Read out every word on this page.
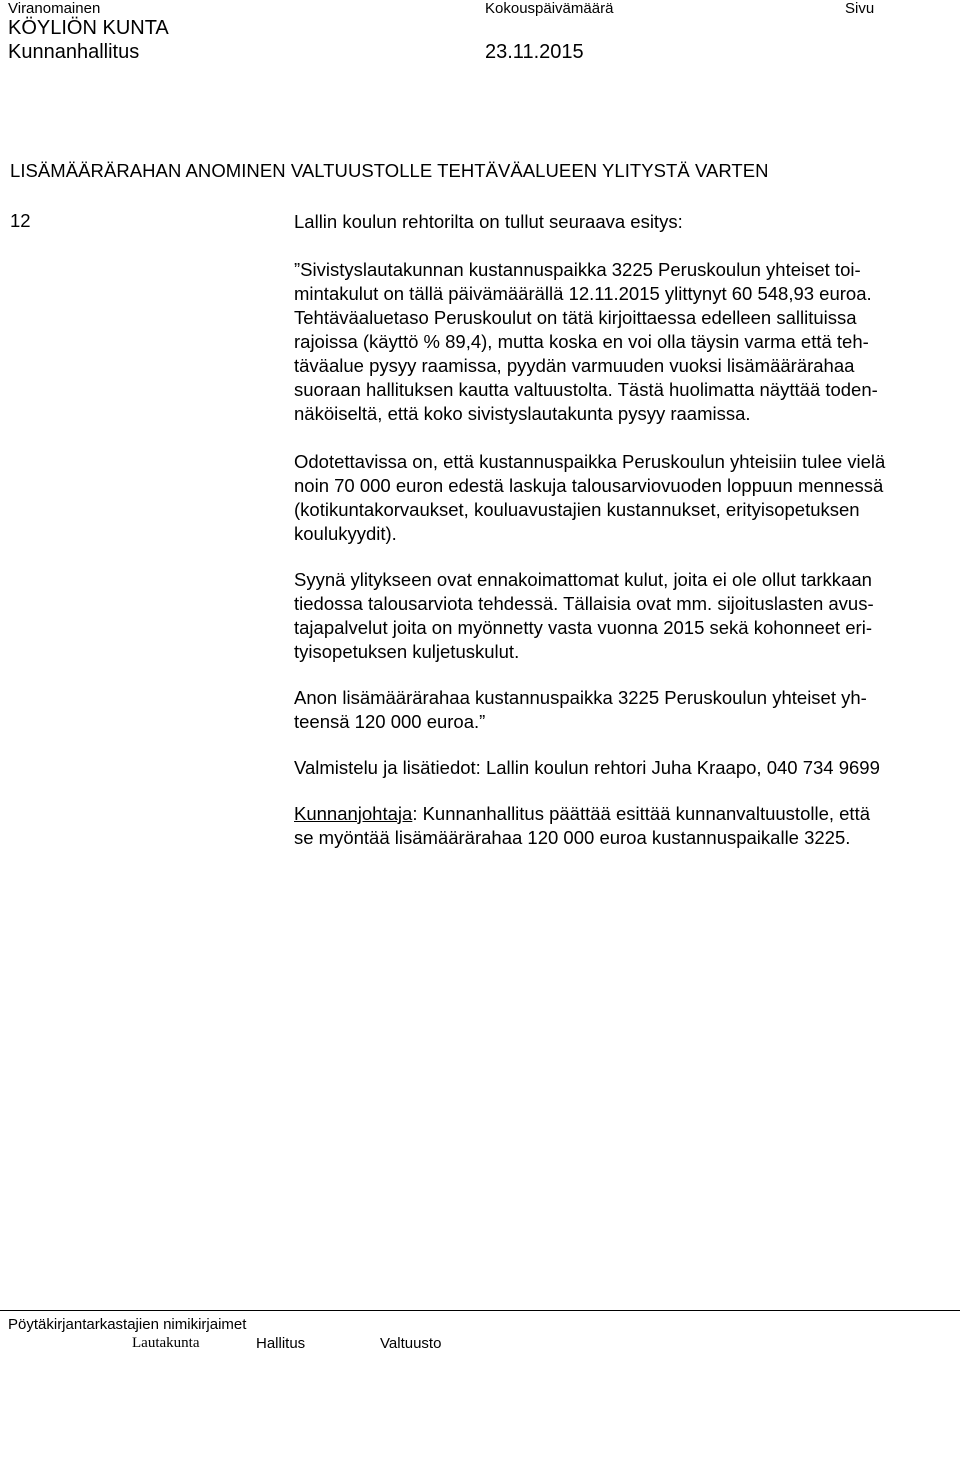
Viranomainen	Kokouspäivämäärä	Sivu
KÖYLIÖN KUNTA
Kunnanhallitus	23.11.2015
LISÄMÄÄRÄRAHAN ANOMINEN VALTUUSTOLLE TEHTÄVÄALUEEN YLITYSTÄ VARTEN
12	Lallin koulun rehtorilta on tullut seuraava esitys:
”Sivistyslautakunnan kustannuspaikka 3225 Peruskoulun yhteiset toi-
mintakulut on tällä päivämäärällä 12.11.2015 ylittynyt 60 548,93 euroa.
Tehtäväaluetaso Peruskoulut on tätä kirjoittaessa edelleen sallituissa
rajoissa (käyttö % 89,4), mutta koska en voi olla täysin varma että teh-
täväalue pysyy raamissa, pyydän varmuuden vuoksi lisämäärärahaa
suoraan hallituksen kautta valtuustolta. Tästä huolimatta näyttää toden-
näköiseltä, että koko sivistyslautakunta pysyy raamissa.

Odotettavissa on, että kustannuspaikka Peruskoulun yhteisiin tulee vielä
noin 70 000 euron edestä laskuja talousarviovuoden loppuun mennessä
(kotikuntakorvaukset, kouluavustajien kustannukset, erityisopetuksen
koulukyydit).

Syynä ylitykseen ovat ennakoimattomat kulut, joita ei ole ollut tarkkaan
tiedossa talousarviota tehdessä. Tällaisia ovat mm. sijoituslasten avus-
tajapalvelut joita on myönnetty vasta vuonna 2015 sekä kohonneet eri-
tyisopetuksen kuljetuskulut.

Anon lisämäärärahaa kustannuspaikka 3225 Peruskoulun yhteiset yh-
teensä 120 000 euroa.”

Valmistelu ja lisätiedot: Lallin koulun rehtori Juha Kraapo, 040 734 9699

Kunnanjohtaja: Kunnanhallitus päättää esittää kunnanvaltuustolle, että
se myöntää lisämäärärahaa 120 000 euroa kustannuspaikalle 3225.

Pöytäkirjantarkastajien nimikirjaimet
Lautakunta	Hallitus	Valtuusto
